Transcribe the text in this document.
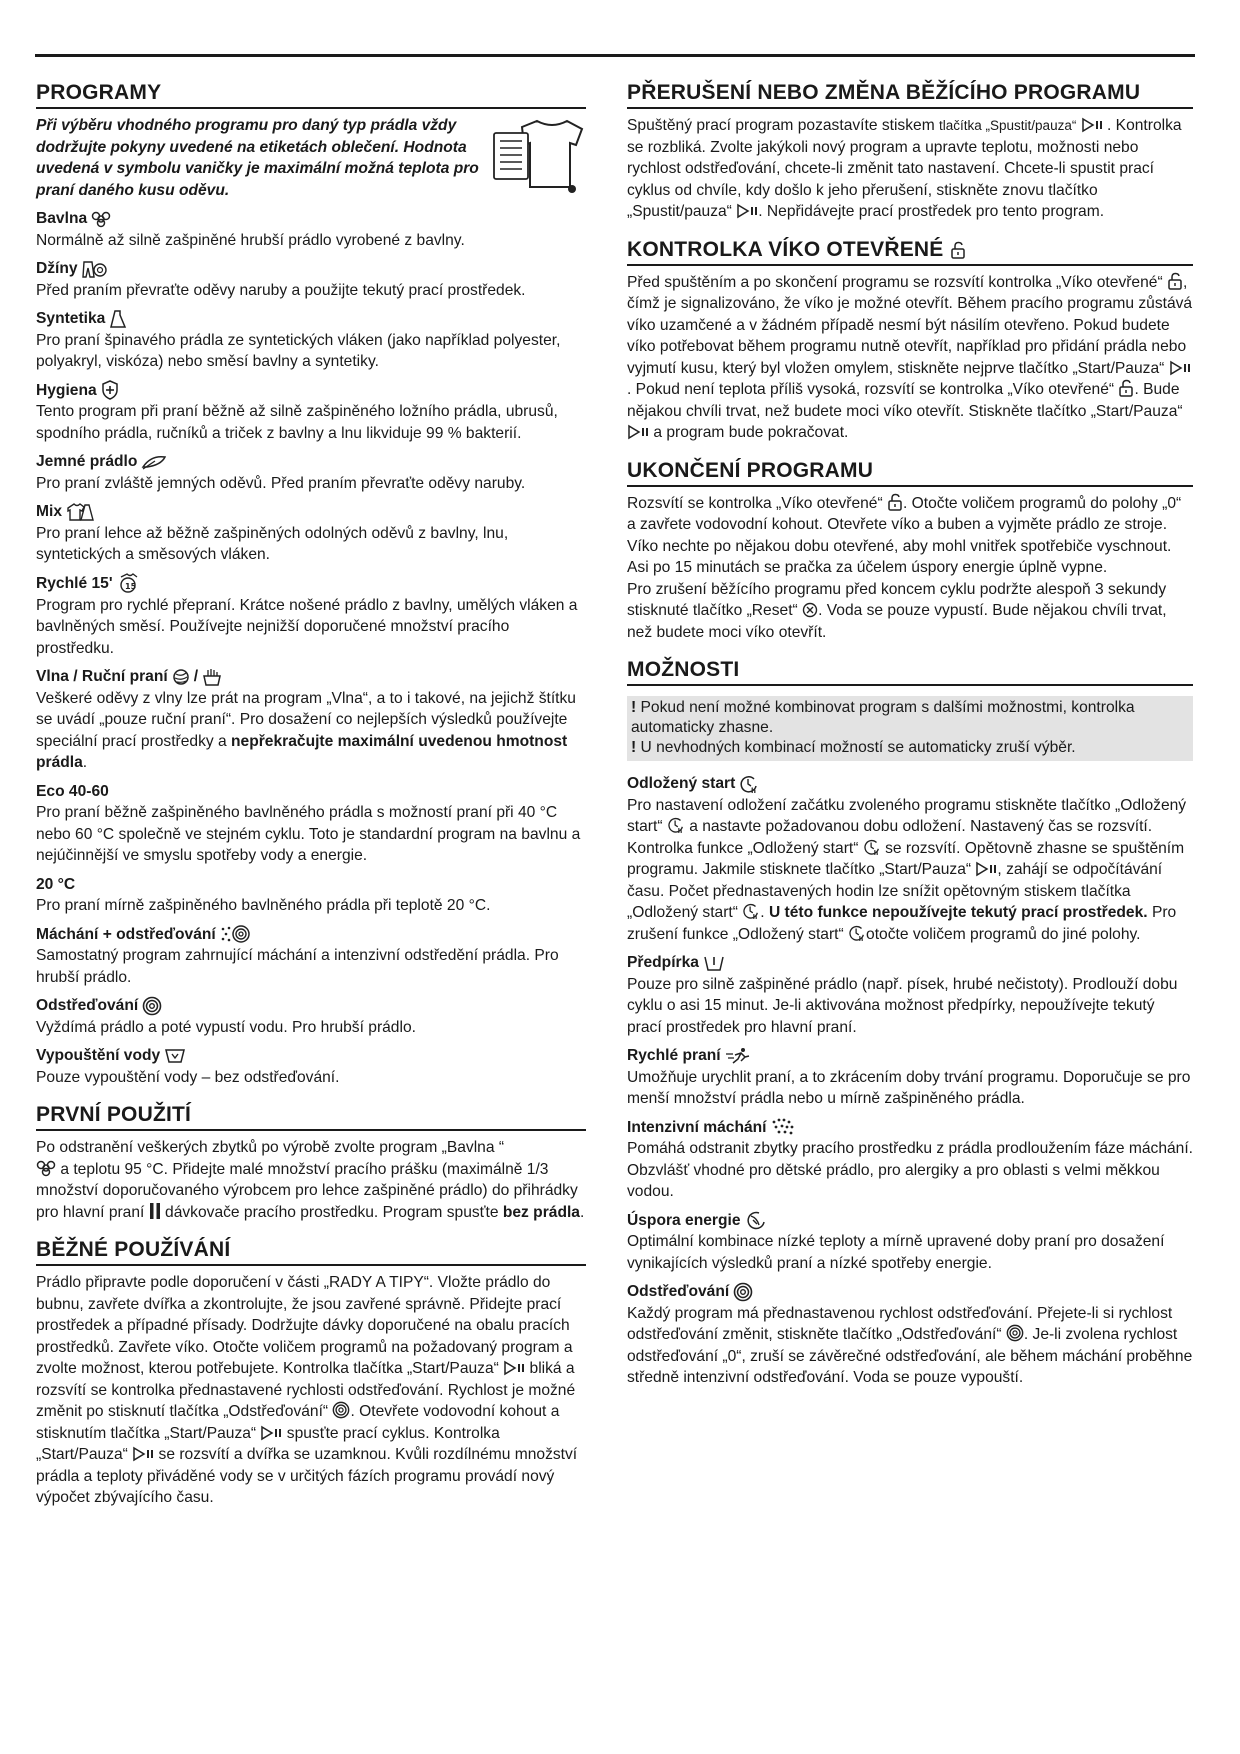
PROGRAMY

Při výběru vhodného programu pro daný typ prádla vždy dodržujte pokyny uvedené na etiketách oblečení. Hodnota uvedená v symbolu vaničky je maximální možná teplota pro praní daného kusu oděvu.

Bavlna

Normálně až silně zašpiněné hrubší prádlo vyrobené z bavlny.

Džíny

Před praním převraťte oděvy naruby a použijte tekutý prací prostředek.

Syntetika

Pro praní špinavého prádla ze syntetických vláken (jako například polyester, polyakryl, viskóza) nebo směsí bavlny a syntetiky.

Hygiena

Tento program při praní běžně až silně zašpiněného ložního prádla, ubrusů, spodního prádla, ručníků a triček z bavlny a lnu likviduje 99 % bakterií.

Jemné prádlo

Pro praní zvláště jemných oděvů. Před praním převraťte oděvy naruby.

Mix

Pro praní lehce až běžně zašpiněných odolných oděvů z bavlny, lnu, syntetických a směsových vláken.

Rychlé 15' 15

Program pro rychlé přepraní. Krátce nošené prádlo z bavlny, umělých vláken a bavlněných směsí. Používejte nejnižší doporučené množství pracího prostředku.

Vlna / Ruční praní /

Veškeré oděvy z vlny lze prát na program „Vlna“, a to i takové, na jejichž štítku se uvádí „pouze ruční praní“. Pro dosažení co nejlepších výsledků používejte speciální prací prostředky a nepřekračujte maximální uvedenou hmotnost prádla.

Eco 40-60

Pro praní běžně zašpiněného bavlněného prádla s možností praní při 40 °C nebo 60 °C společně ve stejném cyklu. Toto je standardní program na bavlnu a nejúčinnější ve smyslu spotřeby vody a energie.

20 °C

Pro praní mírně zašpiněného bavlněného prádla při teplotě 20 °C.

Máchání + odstřeďování

Samostatný program zahrnující máchání a intenzivní odstředění prádla. Pro hrubší prádlo.

Odstřeďování

Vyždímá prádlo a poté vypustí vodu. Pro hrubší prádlo.

Vypouštění vody

Pouze vypouštění vody – bez odstřeďování.

PRVNÍ POUŽITÍ

Po odstranění veškerých zbytků po výrobě zvolte program „Bavlna “

a teplotu 95 °C. Přidejte malé množství pracího prášku (maximálně 1/3 množství doporučovaného výrobcem pro lehce zašpiněné prádlo) do přihrádky pro hlavní praní
dávkovače pracího prostředku. Program spusťte bez prádla.

BĚŽNÉ POUŽÍVÁNÍ

Prádlo připravte podle doporučení v části „RADY A TIPY“. Vložte prádlo do bubnu, zavřete dvířka a zkontrolujte, že jsou zavřené správně. Přidejte prací prostředek a případné přísady. Dodržujte dávky doporučené na obalu pracích prostředků. Zavřete víko. Otočte voličem programů na požadovaný program a zvolte možnost, kterou potřebujete. Kontrolka tlačítka „Start/Pauza“
bliká a rozsvítí se kontrolka přednastavené rychlosti odstřeďování. Rychlost je možné změnit po stisknutí tlačítka „Odstřeďování“
. Otevřete vodovodní kohout a stisknutím tlačítka „Start/Pauza“
spusťte prací cyklus. Kontrolka „Start/Pauza“
se rozsvítí a dvířka se uzamknou. Kvůli rozdílnému množství prádla a teploty přiváděné vody se v určitých fázích programu provádí nový výpočet zbývajícího času.

PŘERUŠENÍ NEBO ZMĚNA BĚŽÍCÍHO PROGRAMU

Spuštěný prací program pozastavíte stiskem tlačítka „Spustit/pauza“
. Kontrolka se rozbliká. Zvolte jakýkoli nový program a upravte teplotu, možnosti nebo rychlost odstřeďování, chcete-li změnit tato nastavení. Chcete-li spustit prací cyklus od chvíle, kdy došlo k jeho přerušení, stiskněte znovu tlačítko „Spustit/pauza“
. Nepřidávejte prací prostředek pro tento program.

KONTROLKA VÍKO OTEVŘENÉ

Před spuštěním a po skončení programu se rozsvítí kontrolka „Víko otevřené“
, čímž je signalizováno, že víko je možné otevřít. Během pracího programu zůstává víko uzamčené a v žádném případě nesmí být násilím otevřeno. Pokud budete víko potřebovat během programu nutně otevřít, například pro přidání prádla nebo vyjmutí kusu, který byl vložen omylem, stiskněte nejprve tlačítko „Start/Pauza“
. Pokud není teplota příliš vysoká, rozsvítí se kontrolka „Víko otevřené“
. Bude nějakou chvíli trvat, než budete moci víko otevřít. Stiskněte tlačítko „Start/Pauza“
a program bude pokračovat.

UKONČENÍ PROGRAMU

Rozsvítí se kontrolka „Víko otevřené“
. Otočte voličem programů do polohy „0“ a zavřete vodovodní kohout. Otevřete víko a buben a vyjměte prádlo ze stroje. Víko nechte po nějakou dobu otevřené, aby mohl vnitřek spotřebiče vyschnout. Asi po 15 minutách se pračka za účelem úspory energie úplně vypne.

Pro zrušení běžícího programu před koncem cyklu podržte alespoň 3 sekundy stisknuté tlačítko „Reset“
. Voda se pouze vypustí. Bude nějakou chvíli trvat, než budete moci víko otevřít.

MOŽNOSTI

! Pokud není možné kombinovat program s dalšími možnostmi, kontrolka automaticky zhasne.

! U nevhodných kombinací možností se automaticky zruší výběr.

Odložený start h

Pro nastavení odložení začátku zvoleného programu stiskněte tlačítko „Odložený start“ h a nastavte požadovanou dobu odložení. Nastavený čas se rozsvítí. Kontrolka funkce „Odložený start“ h se rozsvítí. Opětovně zhasne se spuštěním programu. Jakmile stisknete tlačítko „Start/Pauza“
, zahájí se odpočítávání času. Počet přednastavených hodin lze snížit opětovným stiskem tlačítka „Odložený start“ h . U této funkce nepoužívejte tekutý prací prostředek. Pro zrušení funkce „Odložený start“ h otočte voličem programů do jiné polohy.

Předpírka

Pouze pro silně zašpiněné prádlo (např. písek, hrubé nečistoty). Prodlouží dobu cyklu o asi 15 minut. Je-li aktivována možnost předpírky, nepoužívejte tekutý prací prostředek pro hlavní praní.

Rychlé praní

Umožňuje urychlit praní, a to zkrácením doby trvání programu. Doporučuje se pro menší množství prádla nebo u mírně zašpiněného prádla.

Intenzivní máchání

Pomáhá odstranit zbytky pracího prostředku z prádla prodloužením fáze máchání. Obzvlášť vhodné pro dětské prádlo, pro alergiky a pro oblasti s velmi měkkou vodou.

Úspora energie

Optimální kombinace nízké teploty a mírně upravené doby praní pro dosažení vynikajících výsledků praní a nízké spotřeby energie.

Odstřeďování

Každý program má přednastavenou rychlost odstřeďování. Přejete-li si rychlost odstřeďování změnit, stiskněte tlačítko „Odstřeďování“
. Je-li zvolena rychlost odstřeďování „0“, zruší se závěrečné odstřeďování, ale během máchání proběhne středně intenzivní odstřeďování. Voda se pouze vypouští.
